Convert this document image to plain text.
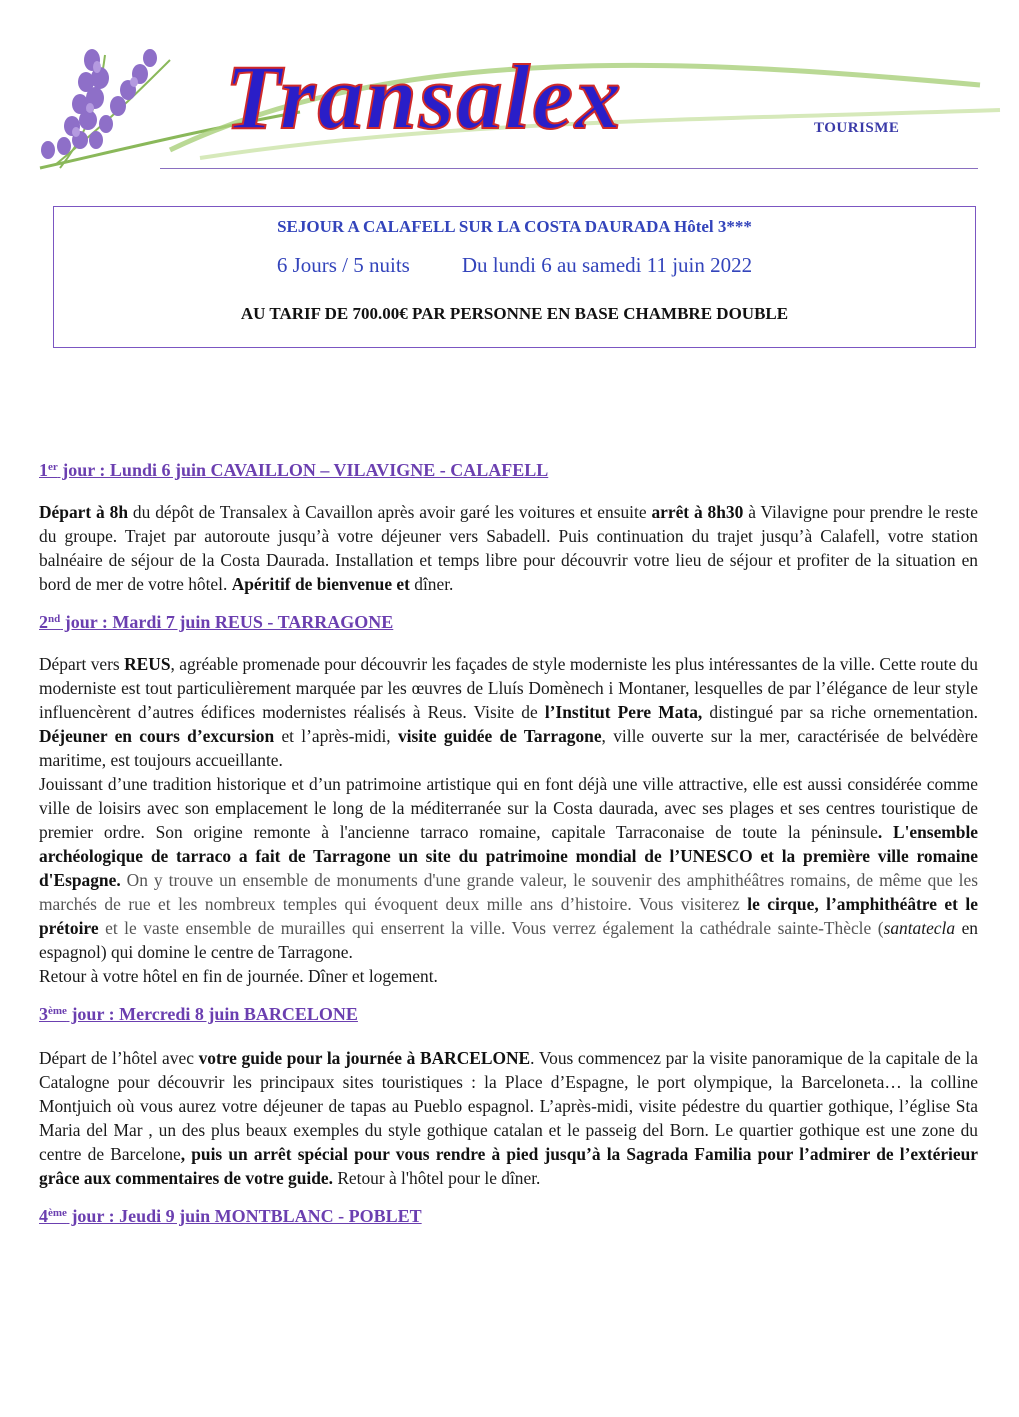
Transalex	TOURISME
SEJOUR A CALAFELL SUR LA COSTA DAURADA Hôtel 3***
6 Jours / 5 nuits Du lundi 6 au samedi 11 juin 2022
AU TARIF DE 700.00€ PAR PERSONNE EN BASE CHAMBRE DOUBLE

1er jour : Lundi 6 juin CAVAILLON – VILAVIGNE - CALAFELL

Départ à 8h du dépôt de Transalex à Cavaillon après avoir garé les voitures et ensuite arrêt à 8h30 à Vilavigne pour prendre le reste du groupe. Trajet par autoroute jusqu’à votre déjeuner vers Sabadell. Puis continuation du trajet jusqu’à Calafell, votre station balnéaire de séjour de la Costa Daurada. Installation et temps libre pour découvrir votre lieu de séjour et profiter de la situation en bord de mer de votre hôtel. Apéritif de bienvenue et dîner.

2nd jour : Mardi 7 juin REUS - TARRAGONE

Départ vers REUS, agréable promenade pour découvrir les façades de style moderniste les plus intéressantes de la ville. Cette route du moderniste est tout particulièrement marquée par les œuvres de Lluís Domènech i Montaner, lesquelles de par l’élégance de leur style influencèrent d’autres édifices modernistes réalisés à Reus. Visite de l’Institut Pere Mata, distingué par sa riche ornementation. Déjeuner en cours d’excursion et l’après-midi, visite guidée de Tarragone, ville ouverte sur la mer, caractérisée de belvédère maritime, est toujours accueillante.

Jouissant d’une tradition historique et d’un patrimoine artistique qui en font déjà une ville attractive, elle est aussi considérée comme ville de loisirs avec son emplacement le long de la méditerranée sur la Costa daurada, avec ses plages et ses centres touristique de premier ordre. Son origine remonte à l'ancienne tarraco romaine, capitale Tarraconaise de toute la péninsule. L'ensemble archéologique de tarraco a fait de Tarragone un site du patrimoine mondial de l’UNESCO et la première ville romaine d'Espagne. On y trouve un ensemble de monuments d'une grande valeur, le souvenir des amphithéâtres romains, de même que les marchés de rue et les nombreux temples qui évoquent deux mille ans d’histoire. Vous visiterez le cirque, l’amphithéâtre et le prétoire et le vaste ensemble de murailles qui enserrent la ville. Vous verrez également la cathédrale sainte-Thècle (santatecla en espagnol) qui domine le centre de Tarragone.

Retour à votre hôtel en fin de journée. Dîner et logement.

3ème jour : Mercredi 8 juin BARCELONE

Départ de l’hôtel avec votre guide pour la journée à BARCELONE. Vous commencez par la visite panoramique de la capitale de la Catalogne pour découvrir les principaux sites touristiques : la Place d’Espagne, le port olympique, la Barceloneta… la colline Montjuich où vous aurez votre déjeuner de tapas au Pueblo espagnol. L’après-midi, visite pédestre du quartier gothique, l’église Sta Maria del Mar , un des plus beaux exemples du style gothique catalan et le passeig del Born. Le quartier gothique est une zone du centre de Barcelone, puis un arrêt spécial pour vous rendre à pied jusqu’à la Sagrada Familia pour l’admirer de l’extérieur grâce aux commentaires de votre guide. Retour à l'hôtel pour le dîner.

4ème jour : Jeudi 9 juin MONTBLANC - POBLET
